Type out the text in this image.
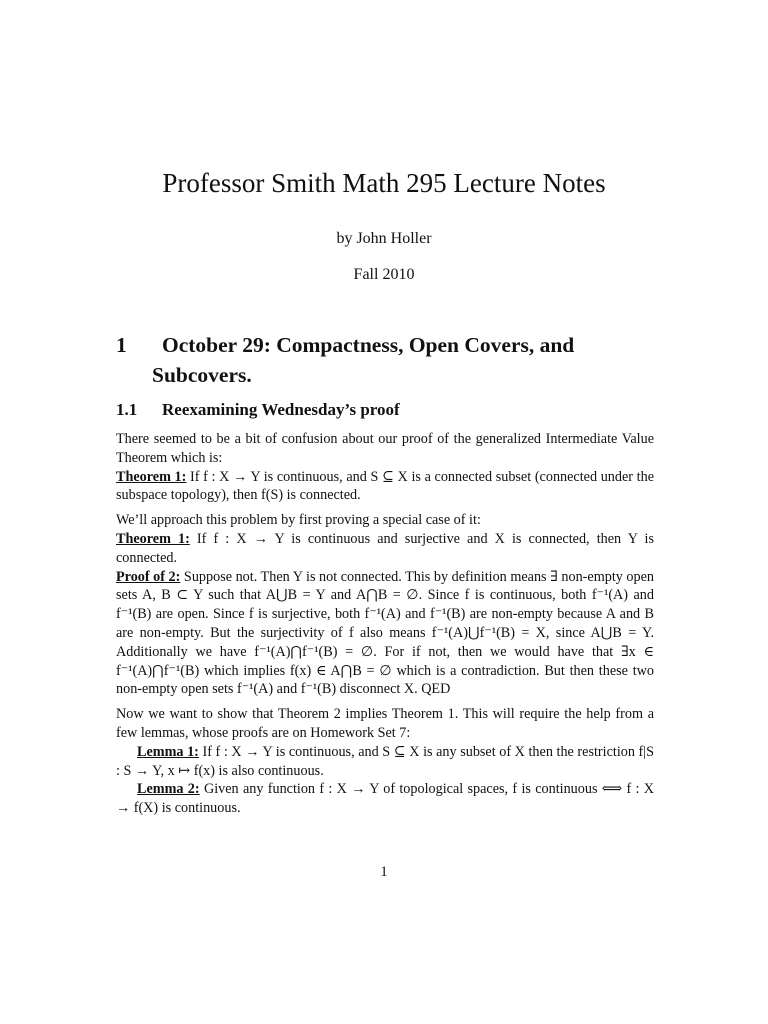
Professor Smith Math 295 Lecture Notes
by John Holler
Fall 2010
1 October 29: Compactness, Open Covers, and
Subcovers.
1.1 Reexamining Wednesday’s proof

There seemed to be a bit of confusion about our proof of the generalized Intermediate Value Theorem which is:

Theorem 1: If f : X → Y is continuous, and S ⊆ X is a connected subset (connected under the subspace topology), then f(S) is connected.

We’ll approach this problem by first proving a special case of it:

Theorem 1: If f : X → Y is continuous and surjective and X is connected, then Y is connected.

Proof of 2: Suppose not. Then Y is not connected. This by definition means ∃ non-empty open sets A, B ⊂ Y such that A⋃B = Y and A⋂B = ∅. Since f is continuous, both f⁻¹(A) and f⁻¹(B) are open. Since f is surjective, both f⁻¹(A) and f⁻¹(B) are non-empty because A and B are non-empty. But the surjectivity of f also means f⁻¹(A)⋃f⁻¹(B) = X, since A⋃B = Y. Additionally we have f⁻¹(A)⋂f⁻¹(B) = ∅. For if not, then we would have that ∃x ∈ f⁻¹(A)⋂f⁻¹(B) which implies f(x) ∈ A⋂B = ∅ which is a contradiction. But then these two non-empty open sets f⁻¹(A) and f⁻¹(B) disconnect X. QED

Now we want to show that Theorem 2 implies Theorem 1. This will require the help from a few lemmas, whose proofs are on Homework Set 7:

Lemma 1: If f : X → Y is continuous, and S ⊆ X is any subset of X then the restriction f|S : S → Y, x ↦ f(x) is also continuous.

Lemma 2: Given any function f : X → Y of topological spaces, f is continuous ⟺ f : X → f(X) is continuous.

1
